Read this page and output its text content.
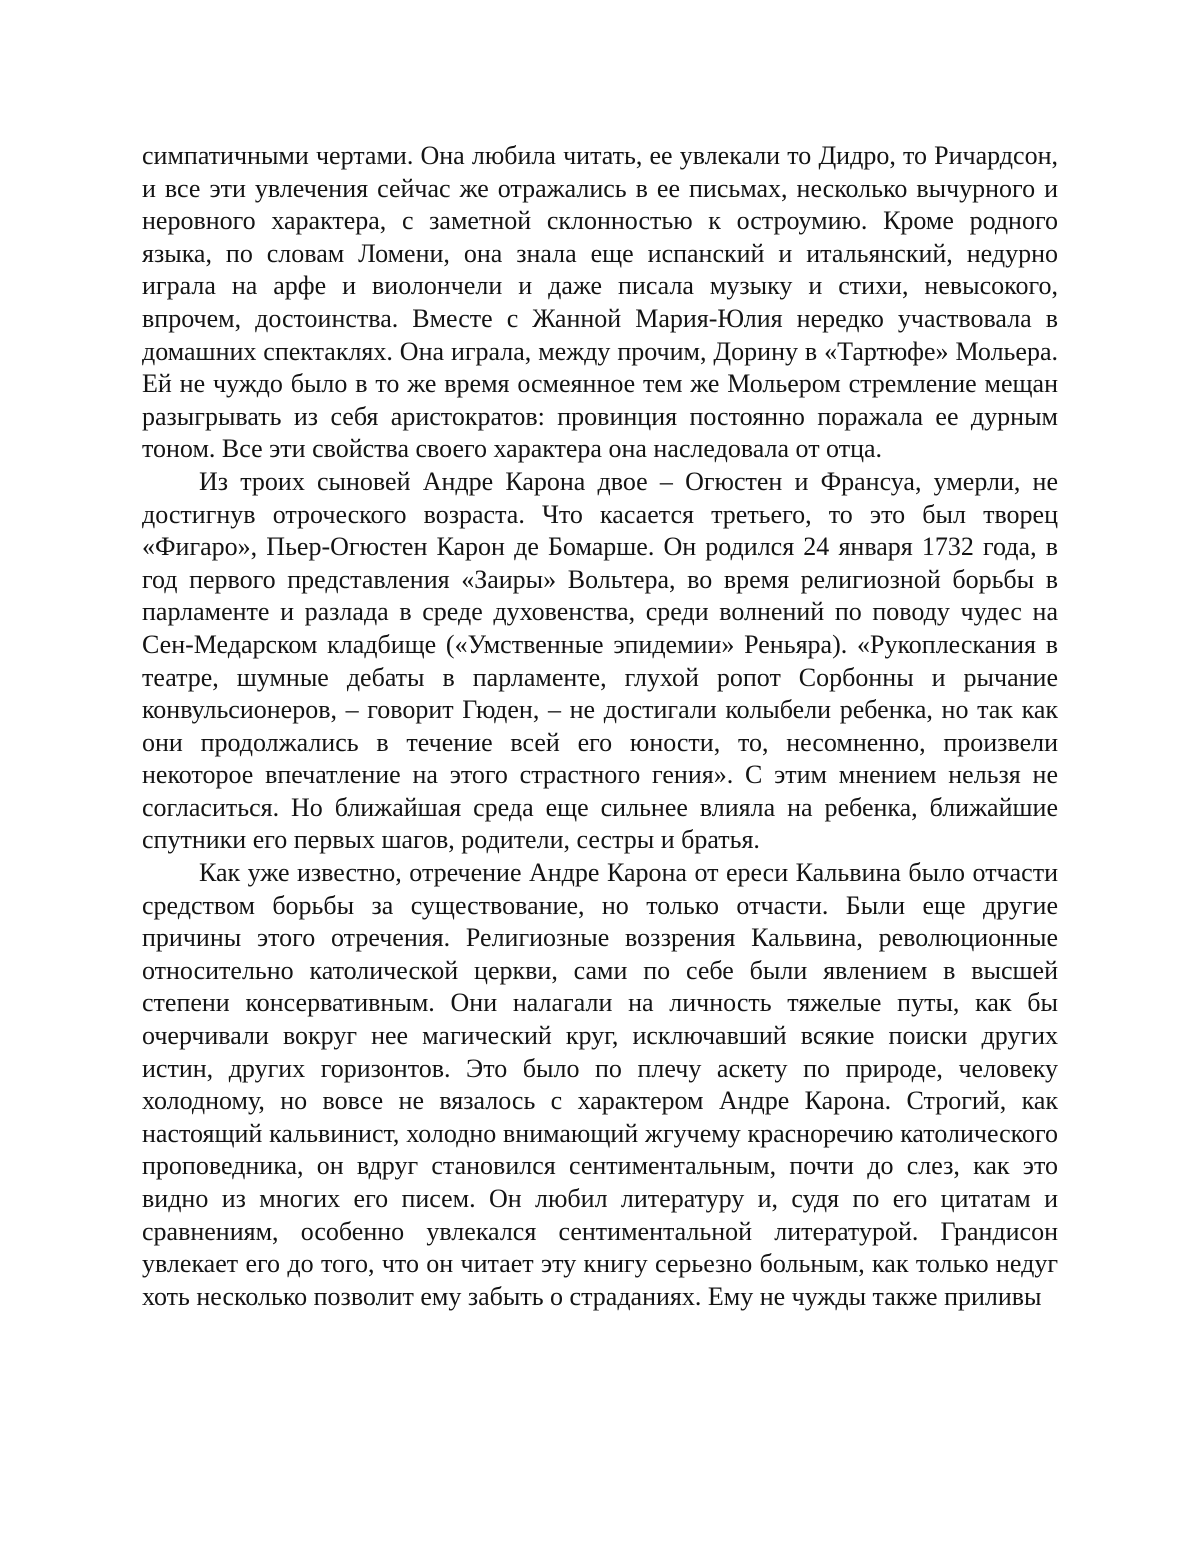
симпатичными чертами. Она любила читать, ее увлекали то Дидро, то Ричардсон, и все эти увлечения сейчас же отражались в ее письмах, несколько вычурного и неровного характера, с заметной склонностью к остроумию. Кроме родного языка, по словам Ломени, она знала еще испанский и итальянский, недурно играла на арфе и виолончели и даже писала музыку и стихи, невысокого, впрочем, достоинства. Вместе с Жанной Мария-Юлия нередко участвовала в домашних спектаклях. Она играла, между прочим, Дорину в «Тартюфе» Мольера. Ей не чуждо было в то же время осмеянное тем же Мольером стремление мещан разыгрывать из себя аристократов: провинция постоянно поражала ее дурным тоном. Все эти свойства своего характера она наследовала от отца.

Из троих сыновей Андре Карона двое – Огюстен и Франсуа, умерли, не достигнув отроческого возраста. Что касается третьего, то это был творец «Фигаро», Пьер-Огюстен Карон де Бомарше. Он родился 24 января 1732 года, в год первого представления «Заиры» Вольтера, во время религиозной борьбы в парламенте и разлада в среде духовенства, среди волнений по поводу чудес на Сен-Медарском кладбище («Умственные эпидемии» Реньяра). «Рукоплескания в театре, шумные дебаты в парламенте, глухой ропот Сорбонны и рычание конвульсионеров, – говорит Гюден, – не достигали колыбели ребенка, но так как они продолжались в течение всей его юности, то, несомненно, произвели некоторое впечатление на этого страстного гения». С этим мнением нельзя не согласиться. Но ближайшая среда еще сильнее влияла на ребенка, ближайшие спутники его первых шагов, родители, сестры и братья.

Как уже известно, отречение Андре Карона от ереси Кальвина было отчасти средством борьбы за существование, но только отчасти. Были еще другие причины этого отречения. Религиозные воззрения Кальвина, революционные относительно католической церкви, сами по себе были явлением в высшей степени консервативным. Они налагали на личность тяжелые путы, как бы очерчивали вокруг нее магический круг, исключавший всякие поиски других истин, других горизонтов. Это было по плечу аскету по природе, человеку холодному, но вовсе не вязалось с характером Андре Карона. Строгий, как настоящий кальвинист, холодно внимающий жгучему красноречию католического проповедника, он вдруг становился сентиментальным, почти до слез, как это видно из многих его писем. Он любил литературу и, судя по его цитатам и сравнениям, особенно увлекался сентиментальной литературой. Грандисон увлекает его до того, что он читает эту книгу серьезно больным, как только недуг хоть несколько позволит ему забыть о страданиях. Ему не чужды также приливы
